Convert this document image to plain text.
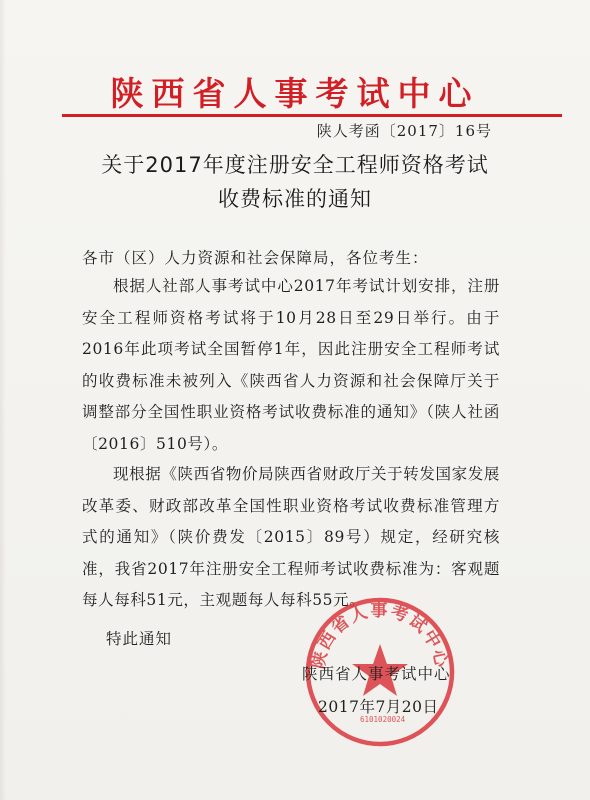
陕西省人事考试中心
陕人考函〔2017〕16号
关于2017年度注册安全工程师资格考试
收费标准的通知
各市（区）人力资源和社会保障局，各位考生：
根据人社部人事考试中心2017年考试计划安排，注册安全工程师资格考试将于10月28日至29日举行。由于2016年此项考试全国暂停1年，因此注册安全工程师考试的收费标准未被列入《陕西省人力资源和社会保障厅关于调整部分全国性职业资格考试收费标准的通知》（陕人社函〔2016〕510号）。
现根据《陕西省物价局陕西省财政厅关于转发国家发展改革委、财政部改革全国性职业资格考试收费标准管理方式的通知》（陕价费发〔2015〕89号）规定，经研究核准，我省2017年注册安全工程师考试收费标准为：客观题每人每科51元，主观题每人每科55元。
特此通知
陕西省人事考试中心
6101020024
陕西省人事考试中心
2017年7月20日
